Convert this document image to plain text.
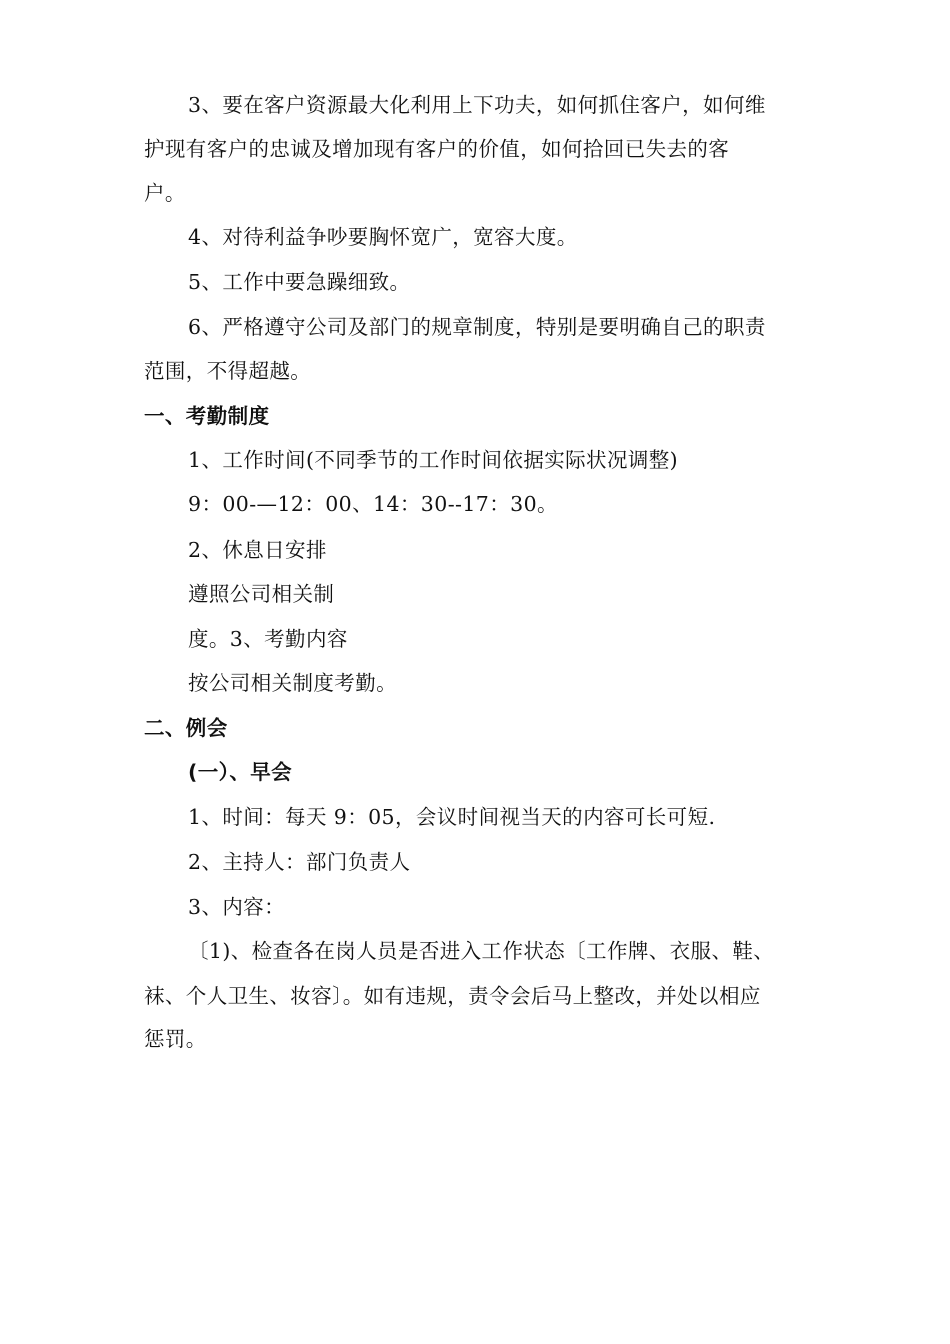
3、要在客户资源最大化利用上下功夫，如何抓住客户，如何维
护现有客户的忠诚及增加现有客户的价值，如何拾回已失去的客
户。
4、对待利益争吵要胸怀宽广，宽容大度。
5、工作中要急躁细致。
6、严格遵守公司及部门的规章制度，特别是要明确自己的职责
范围，不得超越。
一、考勤制度
1、工作时间(不同季节的工作时间依据实际状况调整)
9：00-—12：00、14：30--17：30。
2、休息日安排
遵照公司相关制
度。3、考勤内容
按公司相关制度考勤。
二、例会
(一）、早会
1、时间：每天 9：05，会议时间视当天的内容可长可短.
2、主持人：部门负责人
3、内容：
〔1)、检查各在岗人员是否进入工作状态〔工作牌、衣服、鞋、
袜、个人卫生、妆容〕。如有违规，责令会后马上整改，并处以相应
惩罚。
